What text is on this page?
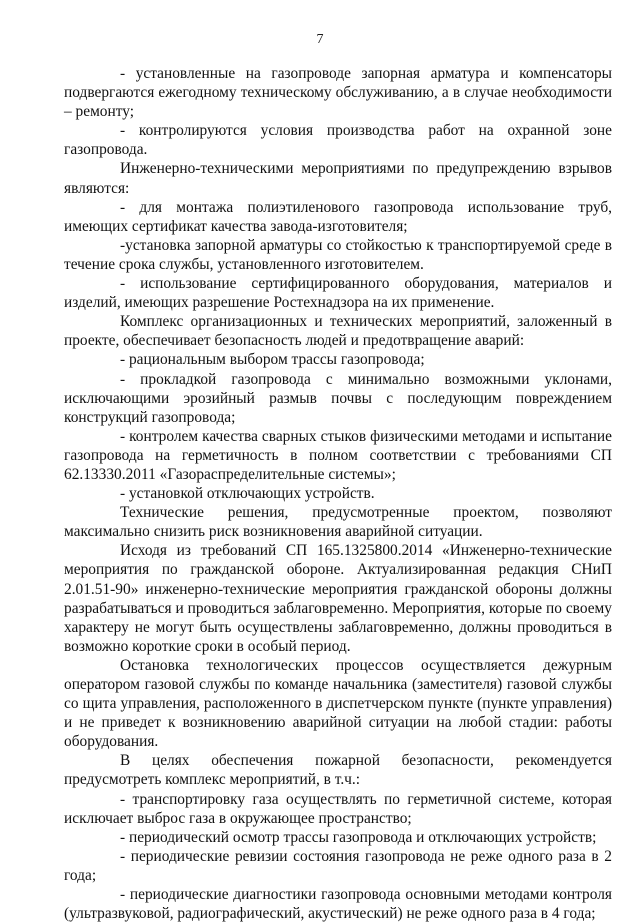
7

- установленные на газопроводе запорная арматура и компенсаторы подвергаются ежегодному техническому обслуживанию, а в случае необходимости – ремонту;

- контролируются условия производства работ на охранной зоне газопровода.

Инженерно-техническими мероприятиями по предупреждению взрывов являются:

- для монтажа полиэтиленового газопровода использование труб, имеющих сертификат качества завода-изготовителя;

-установка запорной арматуры со стойкостью к транспортируемой среде в течение срока службы, установленного изготовителем.

- использование сертифицированного оборудования, материалов и изделий, имеющих разрешение Ростехнадзора на их применение.

Комплекс организационных и технических мероприятий, заложенный в проекте, обеспечивает безопасность людей и предотвращение аварий:

- рациональным выбором трассы газопровода;

- прокладкой газопровода с минимально возможными уклонами, исключающими эрозийный размыв почвы с последующим повреждением конструкций газопровода;

- контролем качества сварных стыков физическими методами и испытание газопровода на герметичность в полном соответствии с требованиями СП 62.13330.2011 «Газораспределительные системы»;

- установкой отключающих устройств.

Технические решения, предусмотренные проектом, позволяют максимально снизить риск возникновения аварийной ситуации.

Исходя из требований СП 165.1325800.2014 «Инженерно-технические мероприятия по гражданской обороне. Актуализированная редакция СНиП 2.01.51-90» инженерно-технические мероприятия гражданской обороны должны разрабатываться и проводиться заблаговременно. Мероприятия, которые по своему характеру не могут быть осуществлены заблаговременно, должны проводиться в возможно короткие сроки в особый период.

Остановка технологических процессов осуществляется дежурным оператором газовой службы по команде начальника (заместителя) газовой службы со щита управления, расположенного в диспетчерском пункте (пункте управления) и не приведет к возникновению аварийной ситуации на любой стадии: работы оборудования.

В целях обеспечения пожарной безопасности, рекомендуется предусмотреть комплекс мероприятий, в т.ч.:

- транспортировку газа осуществлять по герметичной системе, которая исключает выброс газа в окружающее пространство;

- периодический осмотр трассы газопровода и отключающих устройств;

- периодические ревизии состояния газопровода не реже одного раза в 2 года;

- периодические диагностики газопровода основными методами контроля (ультразвуковой, радиографический, акустический) не реже одного раза в 4 года;
